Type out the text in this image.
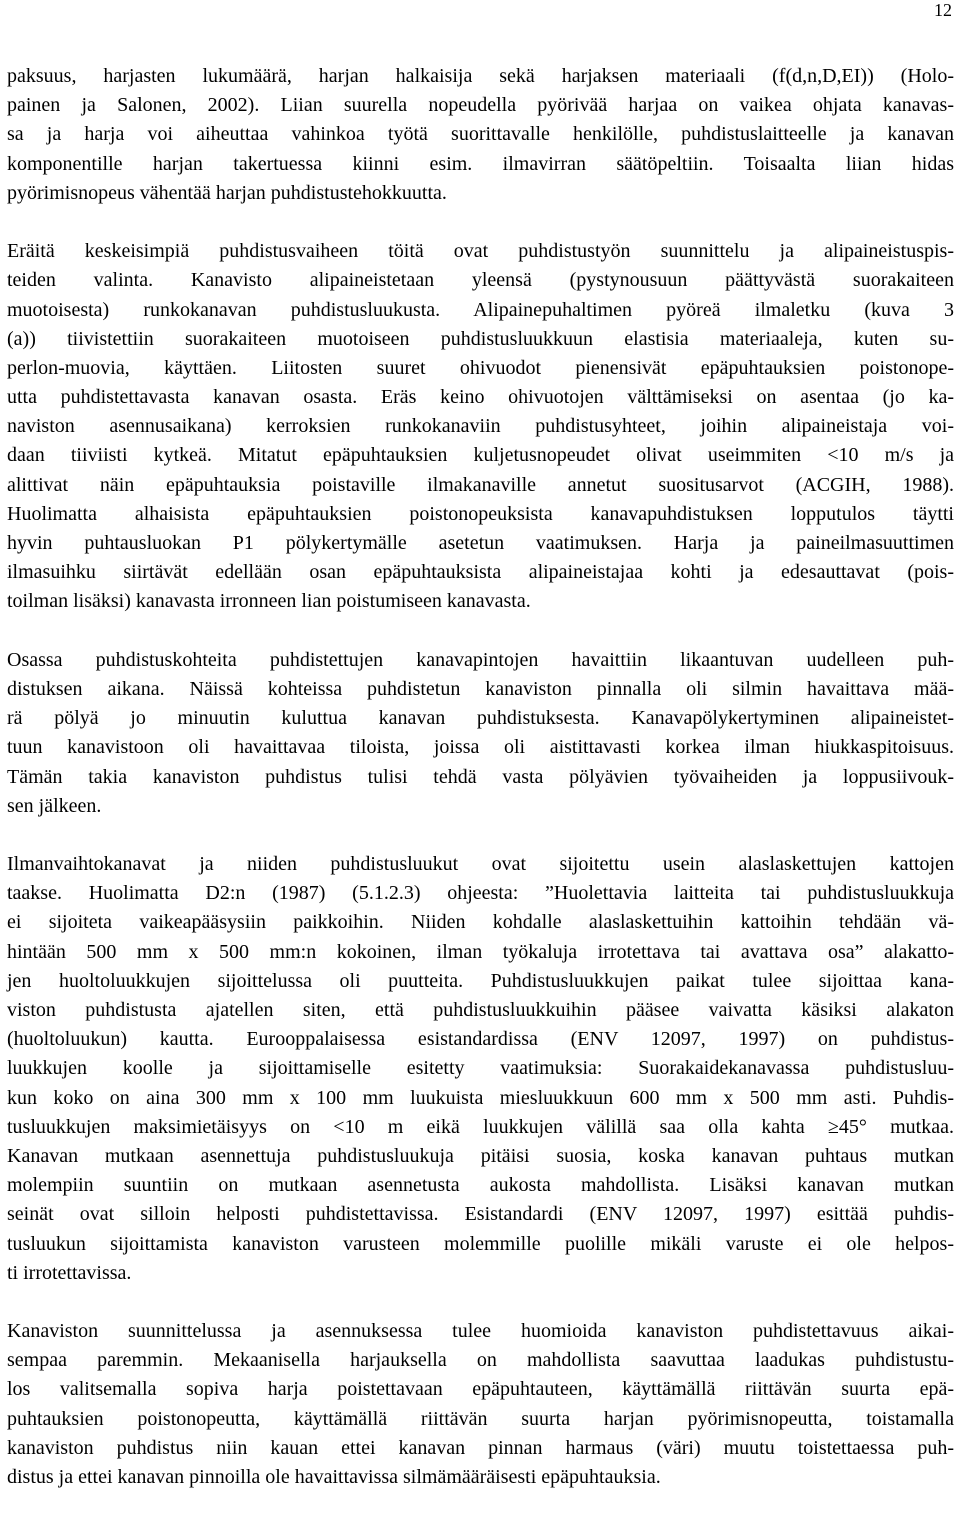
12

paksuus, harjasten lukumäärä, harjan halkaisija sekä harjaksen materiaali (f(d,n,D,EI)) (Holo-
painen ja Salonen, 2002). Liian suurella nopeudella pyörivää harjaa on vaikea ohjata kanavas-
sa ja harja voi aiheuttaa vahinkoa työtä suorittavalle henkilölle, puhdistuslaitteelle ja kanavan
komponentille harjan takertuessa kiinni esim. ilmavirran säätöpeltiin. Toisaalta liian hidas
pyörimisnopeus vähentää harjan puhdistustehokkuutta.

Eräitä keskeisimpiä puhdistusvaiheen töitä ovat puhdistustyön suunnittelu ja alipaineistuspis-
teiden valinta. Kanavisto alipaineistetaan yleensä (pystynousuun päättyvästä suorakaiteen
muotoisesta) runkokanavan puhdistusluukusta. Alipainepuhaltimen pyöreä ilmaletku (kuva 3
(a)) tiivistettiin suorakaiteen muotoiseen puhdistusluukkuun elastisia materiaaleja, kuten su-
perlon-muovia, käyttäen. Liitosten suuret ohivuodot pienensivät epäpuhtauksien poistonope-
utta puhdistettavasta kanavan osasta. Eräs keino ohivuotojen välttämiseksi on asentaa (jo ka-
naviston asennusaikana) kerroksien runkokanaviin puhdistusyhteet, joihin alipaineistaja voi-
daan tiiviisti kytkeä. Mitatut epäpuhtauksien kuljetusnopeudet olivat useimmiten <10 m/s ja
alittivat näin epäpuhtauksia poistaville ilmakanaville annetut suositusarvot (ACGIH, 1988).
Huolimatta alhaisista epäpuhtauksien poistonopeuksista kanavapuhdistuksen lopputulos täytti
hyvin puhtausluokan P1 pölykertymälle asetetun vaatimuksen. Harja ja paineilmasuuttimen
ilmasuihku siirtävät edellään osan epäpuhtauksista alipaineistajaa kohti ja edesauttavat (pois-
toilman lisäksi) kanavasta irronneen lian poistumiseen kanavasta.

Osassa puhdistuskohteita puhdistettujen kanavapintojen havaittiin likaantuvan uudelleen puh-
distuksen aikana. Näissä kohteissa puhdistetun kanaviston pinnalla oli silmin havaittava mää-
rä pölyä jo minuutin kuluttua kanavan puhdistuksesta. Kanavapölykertyminen alipaineistet-
tuun kanavistoon oli havaittavaa tiloista, joissa oli aistittavasti korkea ilman hiukkaspitoisuus.
Tämän takia kanaviston puhdistus tulisi tehdä vasta pölyävien työvaiheiden ja loppusiivouk-
sen jälkeen.

Ilmanvaihtokanavat ja niiden puhdistusluukut ovat sijoitettu usein alaslaskettujen kattojen
taakse. Huolimatta D2:n (1987) (5.1.2.3) ohjeesta: ”Huolettavia laitteita tai puhdistusluukkuja
ei sijoiteta vaikeapääsysiin paikkoihin. Niiden kohdalle alaslaskettuihin kattoihin tehdään vä-
hintään 500 mm x 500 mm:n kokoinen, ilman työkaluja irrotettava tai avattava osa” alakatto-
jen huoltoluukkujen sijoittelussa oli puutteita. Puhdistusluukkujen paikat tulee sijoittaa kana-
viston puhdistusta ajatellen siten, että puhdistusluukkuihin pääsee vaivatta käsiksi alakaton
(huoltoluukun) kautta. Eurooppalaisessa esistandardissa (ENV 12097, 1997) on puhdistus-
luukkujen koolle ja sijoittamiselle esitetty vaatimuksia: Suorakaidekanavassa puhdistusluu-
kun koko on aina 300 mm x 100 mm luukuista miesluukkuun 600 mm x 500 mm asti. Puhdis-
tusluukkujen maksimietäisyys on <10 m eikä luukkujen välillä saa olla kahta ≥45° mutkaa.
Kanavan mutkaan asennettuja puhdistusluukuja pitäisi suosia, koska kanavan puhtaus mutkan
molempiin suuntiin on mutkaan asennetusta aukosta mahdollista. Lisäksi kanavan mutkan
seinät ovat silloin helposti puhdistettavissa. Esistandardi (ENV 12097, 1997) esittää puhdis-
tusluukun sijoittamista kanaviston varusteen molemmille puolille mikäli varuste ei ole helpos-
ti irrotettavissa.

Kanaviston suunnittelussa ja asennuksessa tulee huomioida kanaviston puhdistettavuus aikai-
sempaa paremmin. Mekaanisella harjauksella on mahdollista saavuttaa laadukas puhdistustu-
los valitsemalla sopiva harja poistettavaan epäpuhtauteen, käyttämällä riittävän suurta epä-
puhtauksien poistonopeutta, käyttämällä riittävän suurta harjan pyörimisnopeutta, toistamalla
kanaviston puhdistus niin kauan ettei kanavan pinnan harmaus (väri) muutu toistettaessa puh-
distus ja ettei kanavan pinnoilla ole havaittavissa silmämääräisesti epäpuhtauksia.
